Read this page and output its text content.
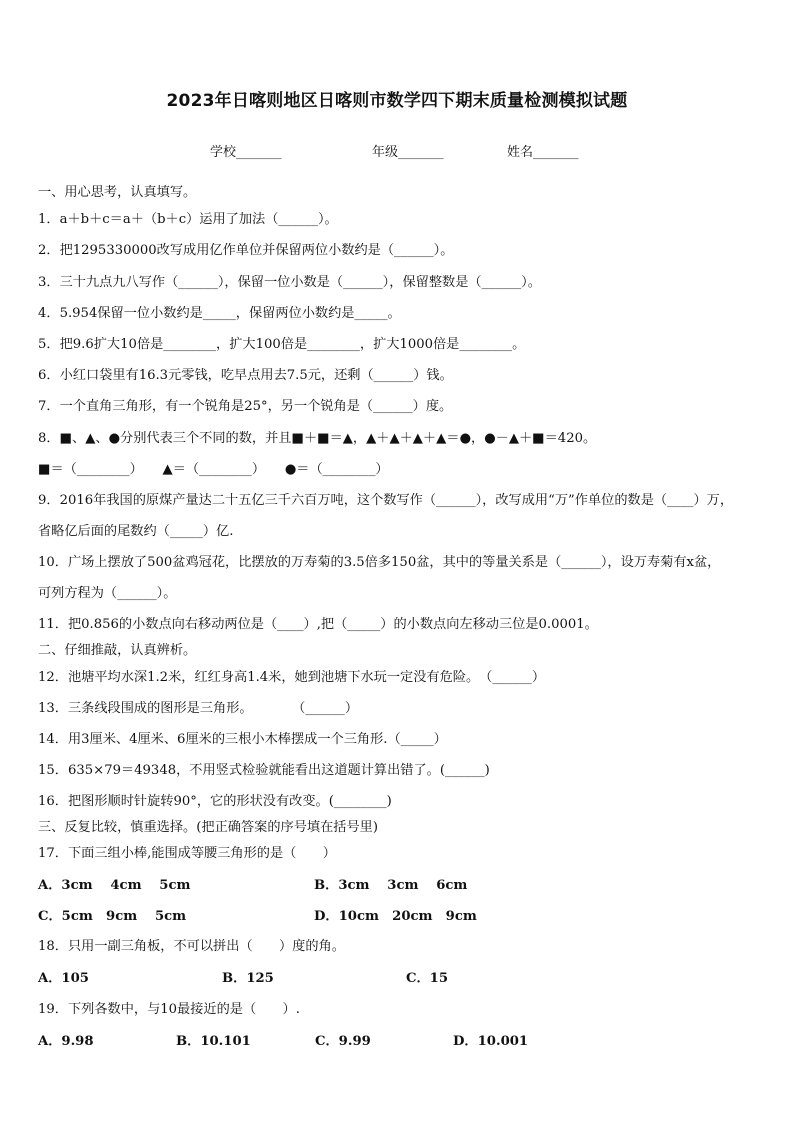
2023年日喀则地区日喀则市数学四下期末质量检测模拟试题
学校_______	年级_______	姓名_______
一、用心思考，认真填写。
1．a＋b＋c＝a＋（b＋c）运用了加法（______）。
2．把1295330000改写成用亿作单位并保留两位小数约是（______）。
3．三十九点九八写作（______），保留一位小数是（______），保留整数是（______）。
4．5.954保留一位小数约是_____，保留两位小数约是_____。
5．把9.6扩大10倍是________，扩大100倍是________，扩大1000倍是________。
6．小红口袋里有16.3元零钱，吃早点用去7.5元，还剩（______）钱。
7．一个直角三角形，有一个锐角是25°，另一个锐角是（______）度。
8．■、▲、●分别代表三个不同的数，并且■＋■＝▲，▲＋▲＋▲＋▲＝●，●－▲＋■＝420。
■＝（________）　　▲＝（________）　　●＝（________）
9．2016年我国的原煤产量达二十五亿三千六百万吨，这个数写作（______），改写成用“万”作单位的数是（____）万，
省略亿后面的尾数约（_____）亿.
10．广场上摆放了500盆鸡冠花，比摆放的万寿菊的3.5倍多150盆，其中的等量关系是（______），设万寿菊有x盆，
可列方程为（______）。
11．把0.856的小数点向右移动两位是（____）,把（_____）的小数点向左移动三位是0.0001。
二、仔细推敲，认真辨析。
12．池塘平均水深1.2米，红红身高1.4米，她到池塘下水玩一定没有危险。　（______）
13．三条线段围成的图形是三角形。　　　　（______）
14．用3厘米、4厘米、6厘米的三根小木棒摆成一个三角形.（_____）
15．635×79＝49348，不用竖式检验就能看出这道题计算出错了。(______)
16．把图形顺时针旋转90°，它的形状没有改变。(________)
三、反复比较，慎重选择。(把正确答案的序号填在括号里)
17．下面三组小棒,能围成等腰三角形的是（　　）
A．3cm　 4cm　 5cm	B．3cm　 3cm　 6cm
C．5cm　9cm　 5cm	D．10cm　20cm　9cm
18．只用一副三角板，不可以拼出（　　）度的角。
A．105	B．125	C．15
19．下列各数中，与10最接近的是（　　）.
A．9.98	B．10.101	C．9.99	D．10.001
